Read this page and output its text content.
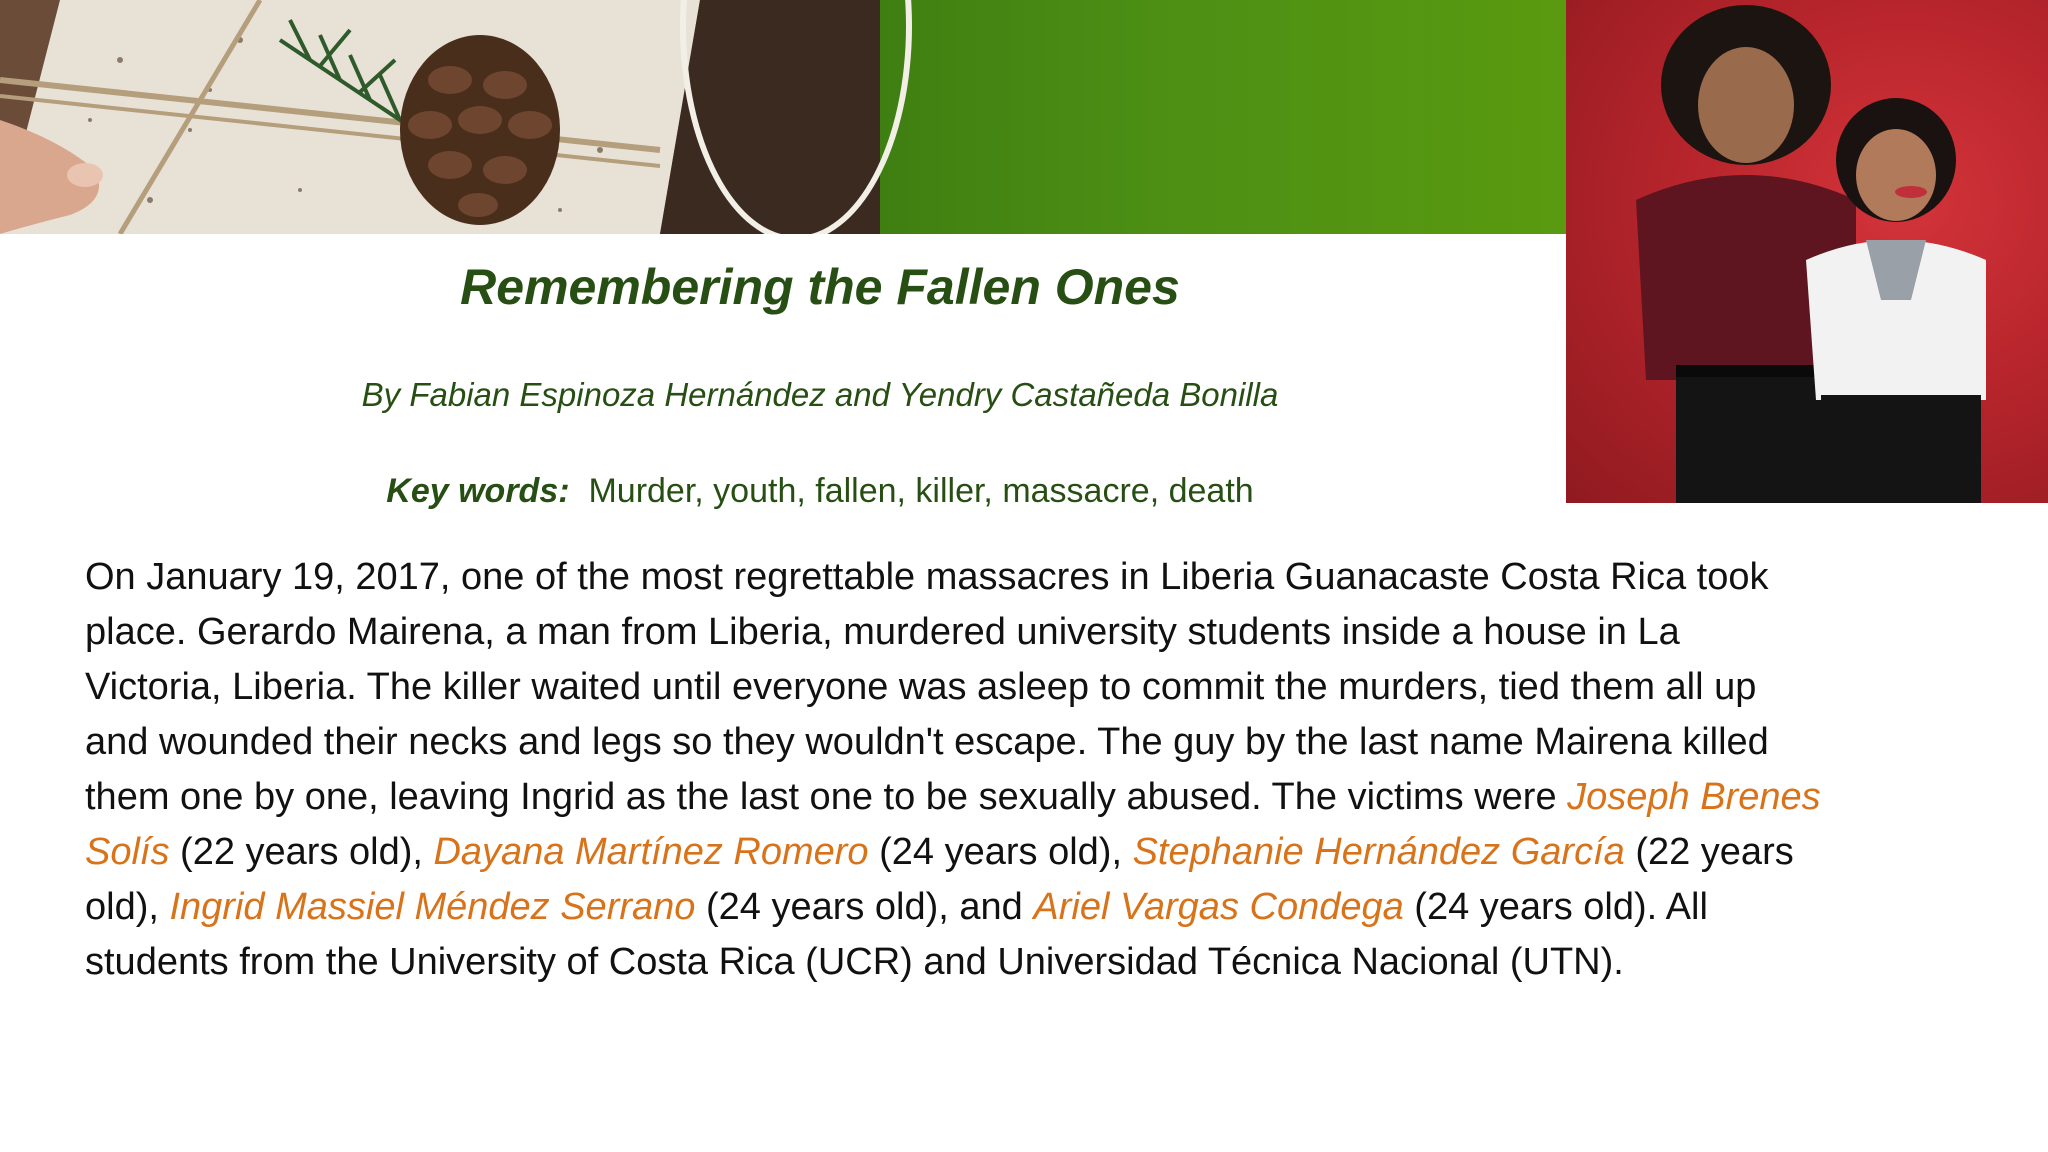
Remembering the Fallen Ones

By Fabian Espinoza Hernández and Yendry Castañeda Bonilla

Key words: Murder, youth, fallen, killer, massacre, death

On January 19, 2017, one of the most regrettable massacres in Liberia Guanacaste Costa Rica took place. Gerardo Mairena, a man from Liberia, murdered university students inside a house in La Victoria, Liberia. The killer waited until everyone was asleep to commit the murders, tied them all up and wounded their necks and legs so they wouldn't escape. The guy by the last name Mairena killed them one by one, leaving Ingrid as the last one to be sexually abused. The victims were Joseph Brenes Solís (22 years old), Dayana Martínez Romero (24 years old), Stephanie Hernández García (22 years old), Ingrid Massiel Méndez Serrano (24 years old), and Ariel Vargas Condega (24 years old). All students from the University of Costa Rica (UCR) and Universidad Técnica Nacional (UTN).
